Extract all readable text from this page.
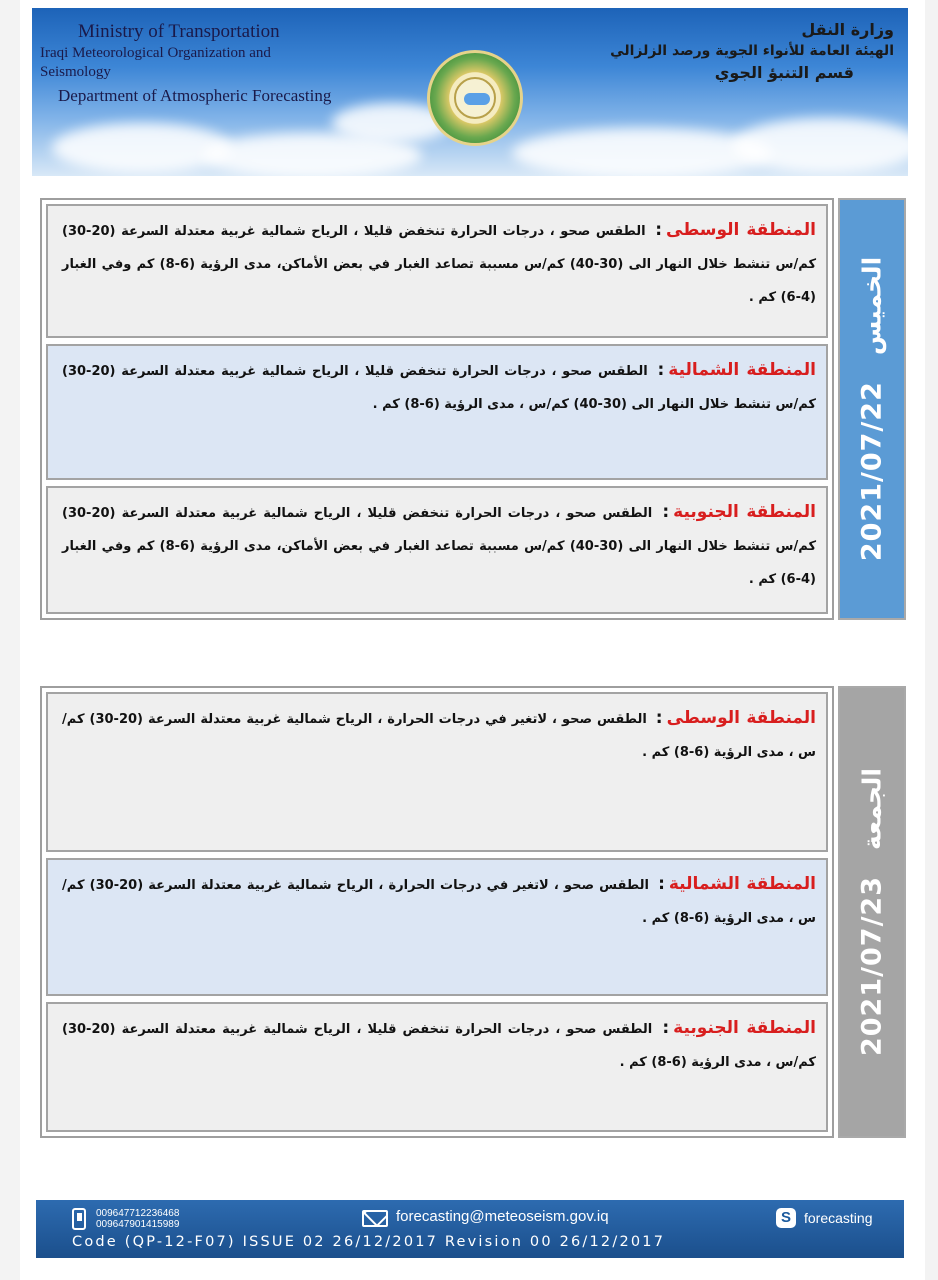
Ministry of Transportation
Iraqi Meteorological Organization and Seismology
Department of Atmospheric Forecasting
وزارة النقل
الهيئة العامة للأنواء الجوية ورصد الزلزالي
قسم التنبؤ الجوي
المنطقة الوسطى: الطقس صحو ، درجات الحرارة تنخفض قليلا ، الرياح شمالية غربية معتدلة السرعة (20-30) كم/س تنشط خلال النهار الى (30-40) كم/س مسببة تصاعد الغبار في بعض الأماكن، مدى الرؤية (6-8) كم وفي الغبار (4-6) كم .
المنطقة الشمالية: الطقس صحو ، درجات الحرارة تنخفض قليلا ، الرياح شمالية غربية معتدلة السرعة (20-30) كم/س تنشط خلال النهار الى (30-40) كم/س ، مدى الرؤية (6-8) كم .
المنطقة الجنوبية: الطقس صحو ، درجات الحرارة تنخفض قليلا ، الرياح شمالية غربية معتدلة السرعة (20-30) كم/س تنشط خلال النهار الى (30-40) كم/س مسببة تصاعد الغبار في بعض الأماكن، مدى الرؤية (6-8) كم وفي الغبار (4-6) كم .
2021/07/22
الخميس
المنطقة الوسطى: الطقس صحو ، لاتغير في درجات الحرارة ، الرياح شمالية غربية معتدلة السرعة (20-30) كم/س ، مدى الرؤية (6-8) كم .
المنطقة الشمالية: الطقس صحو ، لاتغير في درجات الحرارة ، الرياح شمالية غربية معتدلة السرعة (20-30) كم/س ، مدى الرؤية (6-8) كم .
المنطقة الجنوبية: الطقس صحو ، درجات الحرارة تنخفض قليلا ، الرياح شمالية غربية معتدلة السرعة (20-30) كم/س ، مدى الرؤية (6-8) كم .
2021/07/23
الجمعة
009647712236468
009647901415989	forecasting@meteoseism.gov.iq	S forecasting
Code (QP-12-F07) ISSUE 02 26/12/2017 Revision 00 26/12/2017
